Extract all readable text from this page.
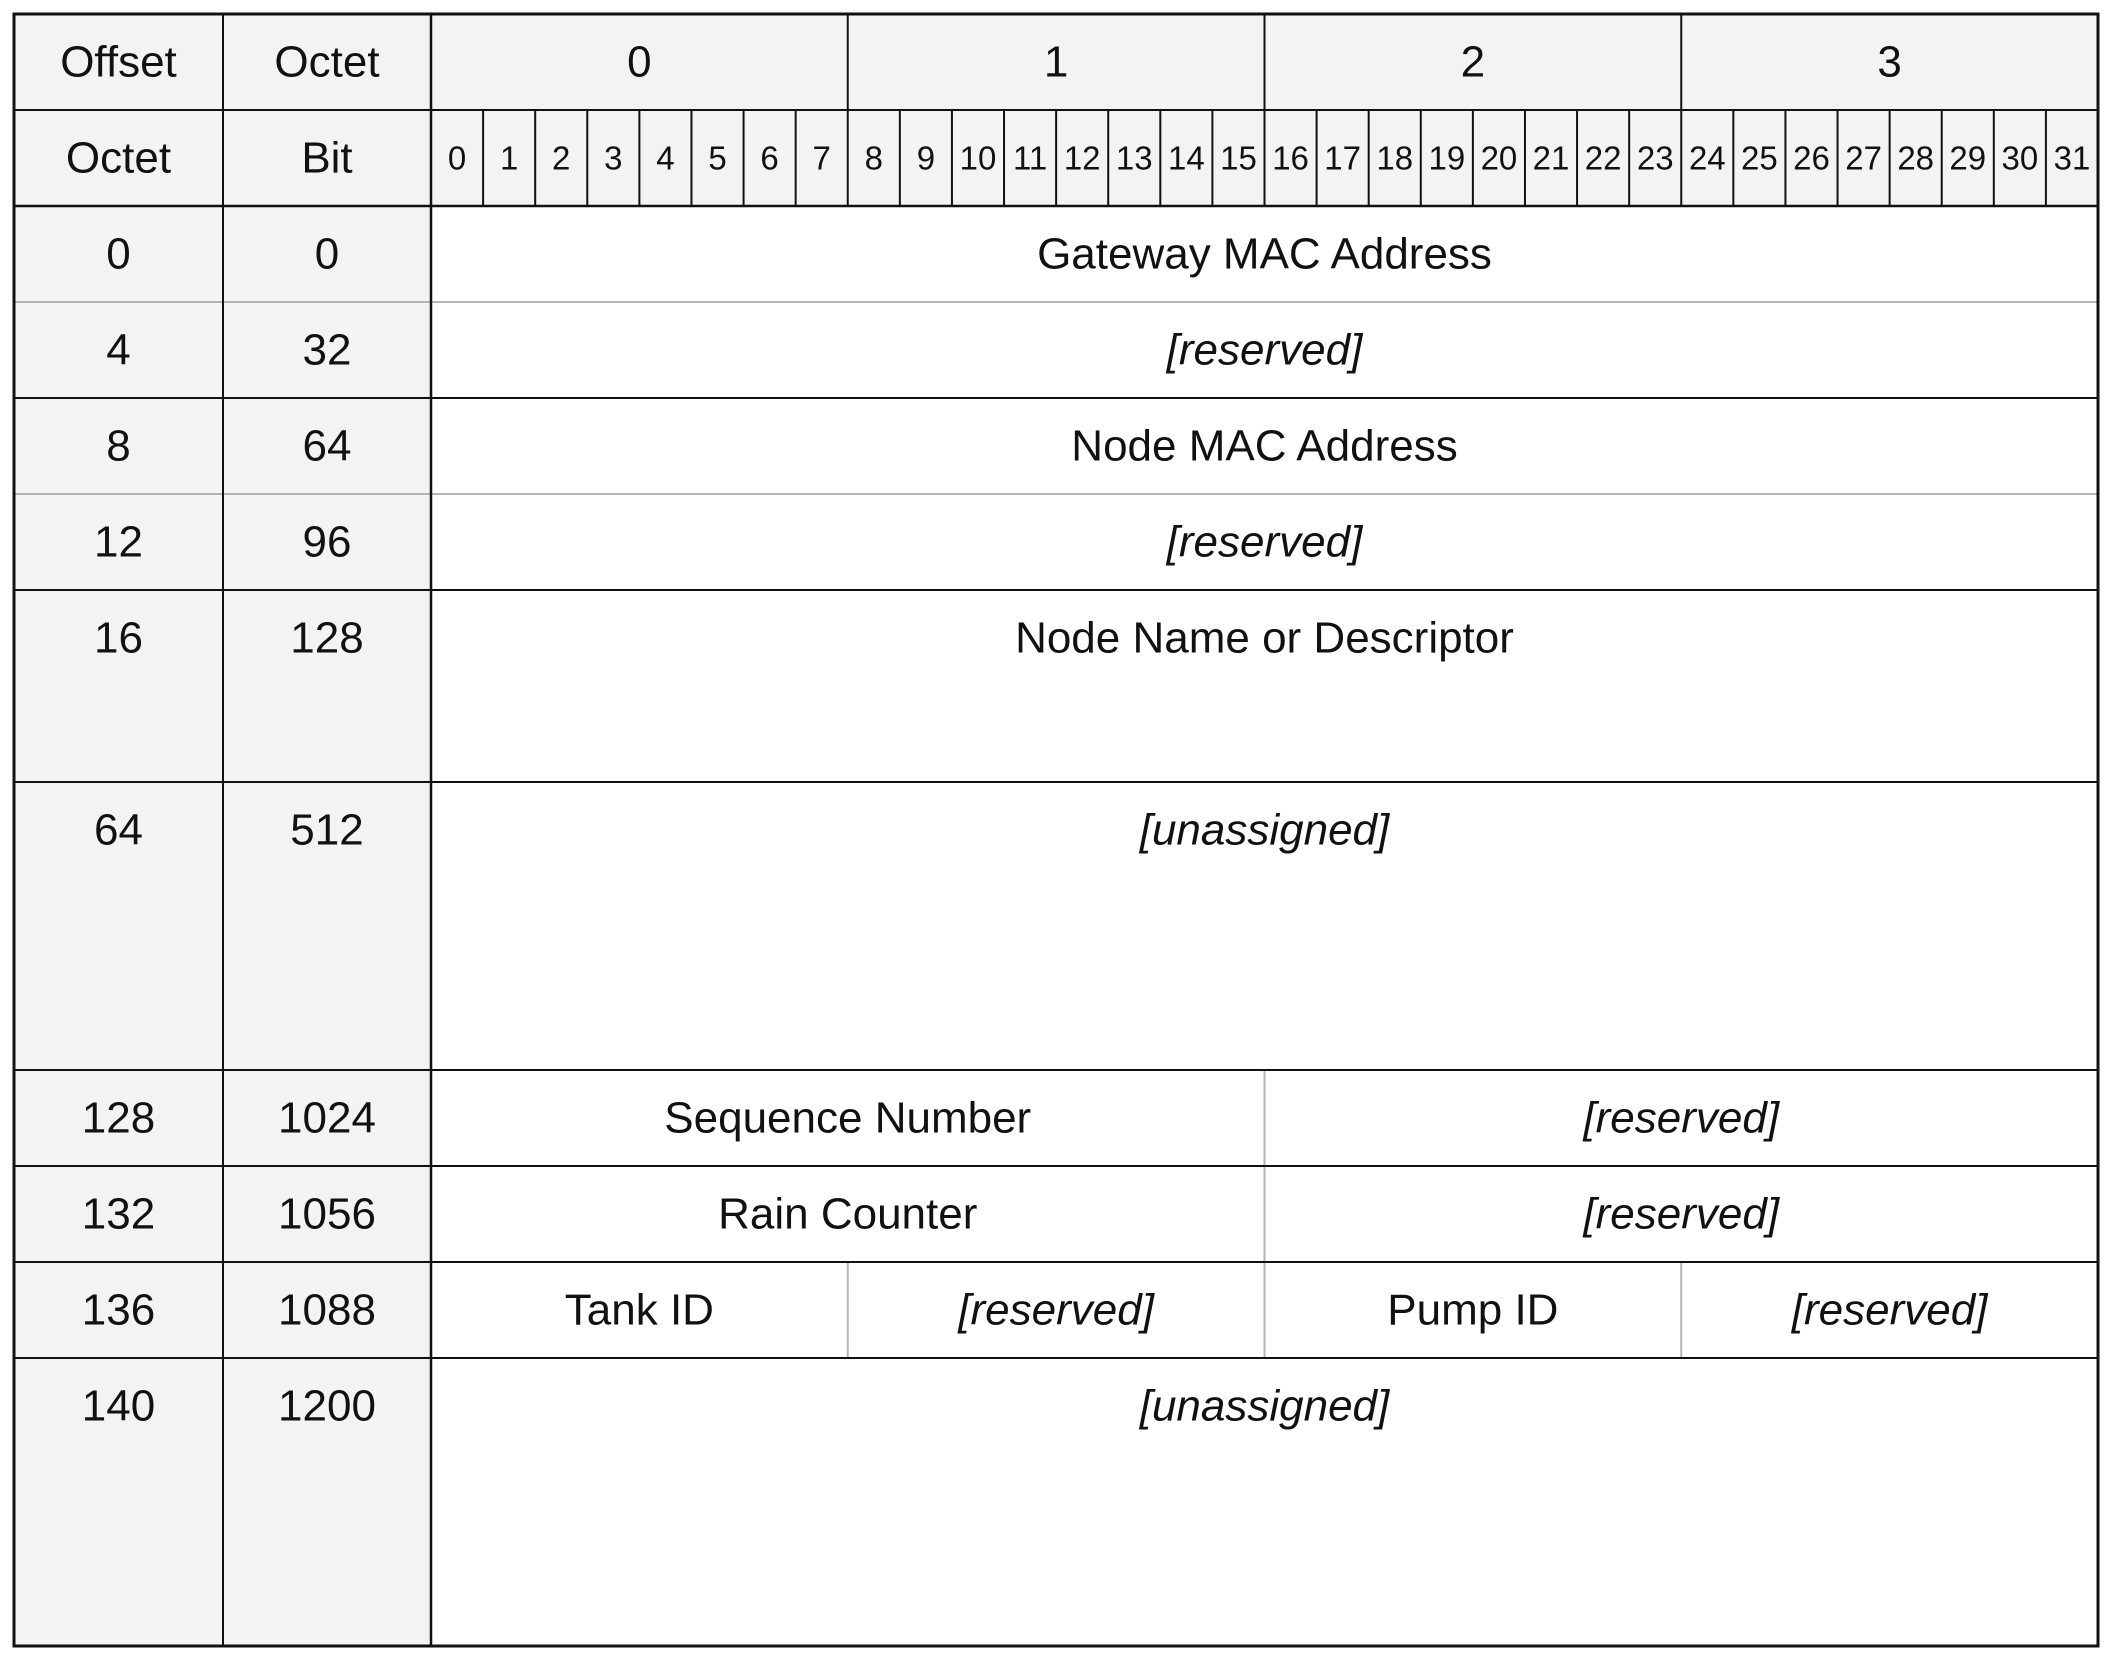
Offset Octet	0	1	2	3
Octet	Bit	0 1 2 3 4 5 6 7 8 9 10 11 12 13 14 15 16 17 18 19 20 21 22 23 24 25 26 27 28 29 30 31
0	0	Gateway MAC Address
4	32	[reserved]
8	64	Node MAC Address
12	96	[reserved]
16	128	Node Name or Descriptor
64	512	[unassigned]
128	1024	Sequence Number	[reserved]
132	1056	Rain Counter	[reserved]
136	1088	Tank ID	[reserved]	Pump ID	[reserved]
140	1200	[unassigned]
